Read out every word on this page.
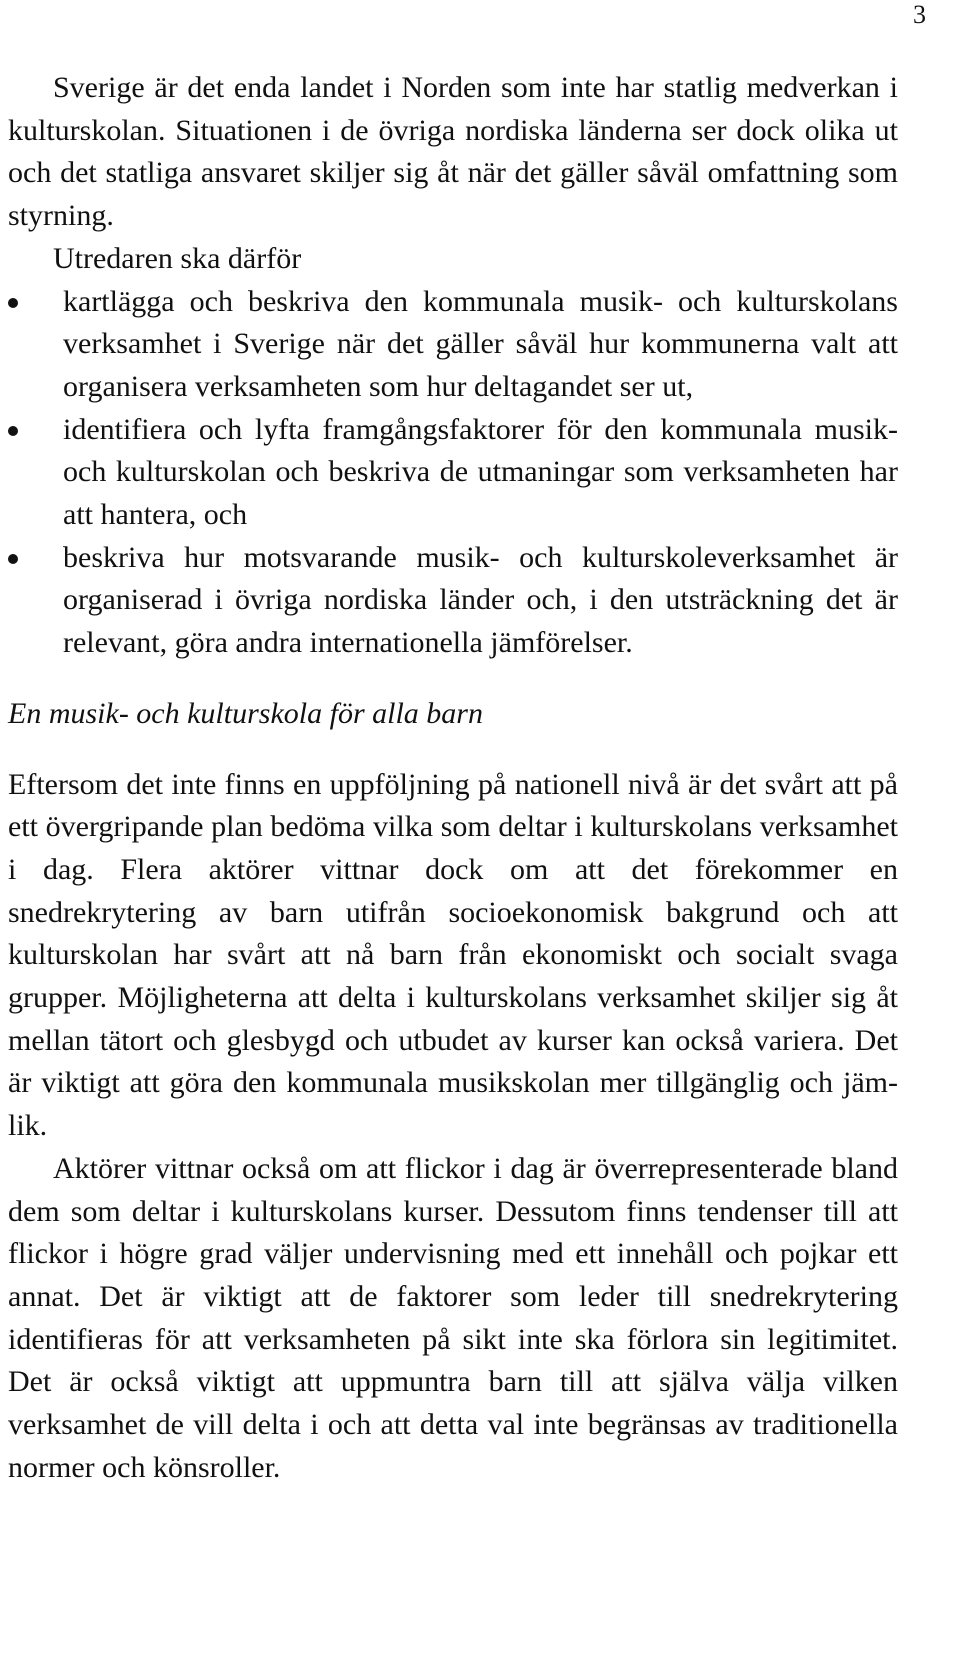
3

Sverige är det enda landet i Norden som inte har statlig medverkan i kulturskolan. Situationen i de övriga nordiska länderna ser dock olika ut och det statliga ansvaret skiljer sig åt när det gäller såväl omfattning som styrning.

Utredaren ska därför

kartlägga och beskriva den kommunala musik- och kulturskolans verksamhet i Sverige när det gäller såväl hur kommunerna valt att organisera verksamheten som hur deltagandet ser ut,
identifiera och lyfta framgångsfaktorer för den kommunala musik- och kulturskolan och beskriva de utmaningar som verksamheten har att hantera, och
beskriva hur motsvarande musik- och kulturskoleverksamhet är organiserad i övriga nordiska länder och, i den utsträckning det är relevant, göra andra internationella jämförelser.
En musik- och kulturskola för alla barn

Eftersom det inte finns en uppföljning på nationell nivå är det svårt att på ett övergripande plan bedöma vilka som deltar i kulturskolans verksamhet i dag. Flera aktörer vittnar dock om att det förekommer en snedrekrytering av barn utifrån socioekonomisk bakgrund och att kulturskolan har svårt att nå barn från ekonomiskt och socialt svaga grupper. Möjligheterna att delta i kulturskolans verksamhet skiljer sig åt mellan tätort och glesbygd och utbudet av kurser kan också variera. Det är viktigt att göra den kommunala musikskolan mer tillgänglig och jämlik.

Aktörer vittnar också om att flickor i dag är överrepresenterade bland dem som deltar i kulturskolans kurser. Dessutom finns tendenser till att flickor i högre grad väljer undervisning med ett innehåll och pojkar ett annat. Det är viktigt att de faktorer som leder till snedrekrytering identifieras för att verksamheten på sikt inte ska förlora sin legitimitet. Det är också viktigt att uppmuntra barn till att själva välja vilken verksamhet de vill delta i och att detta val inte begränsas av traditionella normer och könsroller.
